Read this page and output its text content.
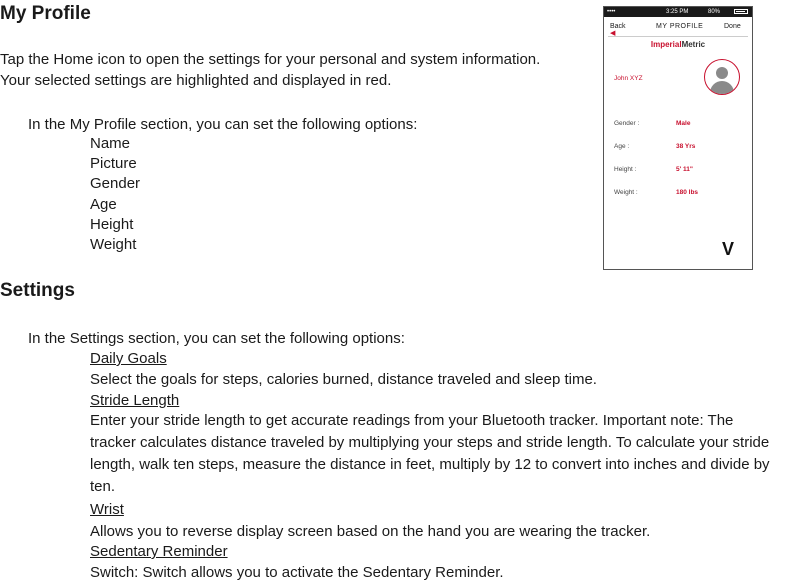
My Profile

Tap the Home icon to open the settings for your personal and system information.

Your selected settings are highlighted and displayed in red.

In the My Profile section, you can set the following options:

Name
Picture
Gender
Age
Height
Weight
Settings

In the Settings section, you can set the following options:

Daily Goals

Select the goals for steps, calories burned, distance traveled and sleep time.

Stride Length

Enter your stride length to get accurate readings from your Bluetooth tracker. Important note: The tracker calculates distance traveled by multiplying your steps and stride length. To calculate your stride length, walk ten steps, measure the distance in feet, multiply by 12 to convert into inches and divide by ten.

Wrist

Allows you to reverse display screen based on the hand you are wearing the tracker.

Sedentary Reminder

Switch: Switch allows you to activate the Sedentary Reminder.

••••	3:25 PM	80%
◀
Back	MY PROFILE	Done
ImperialMetric
John XYZ
Gender :	Male
Age :	38 Yrs
Height :	5' 11"
Weight :	180 lbs
V
